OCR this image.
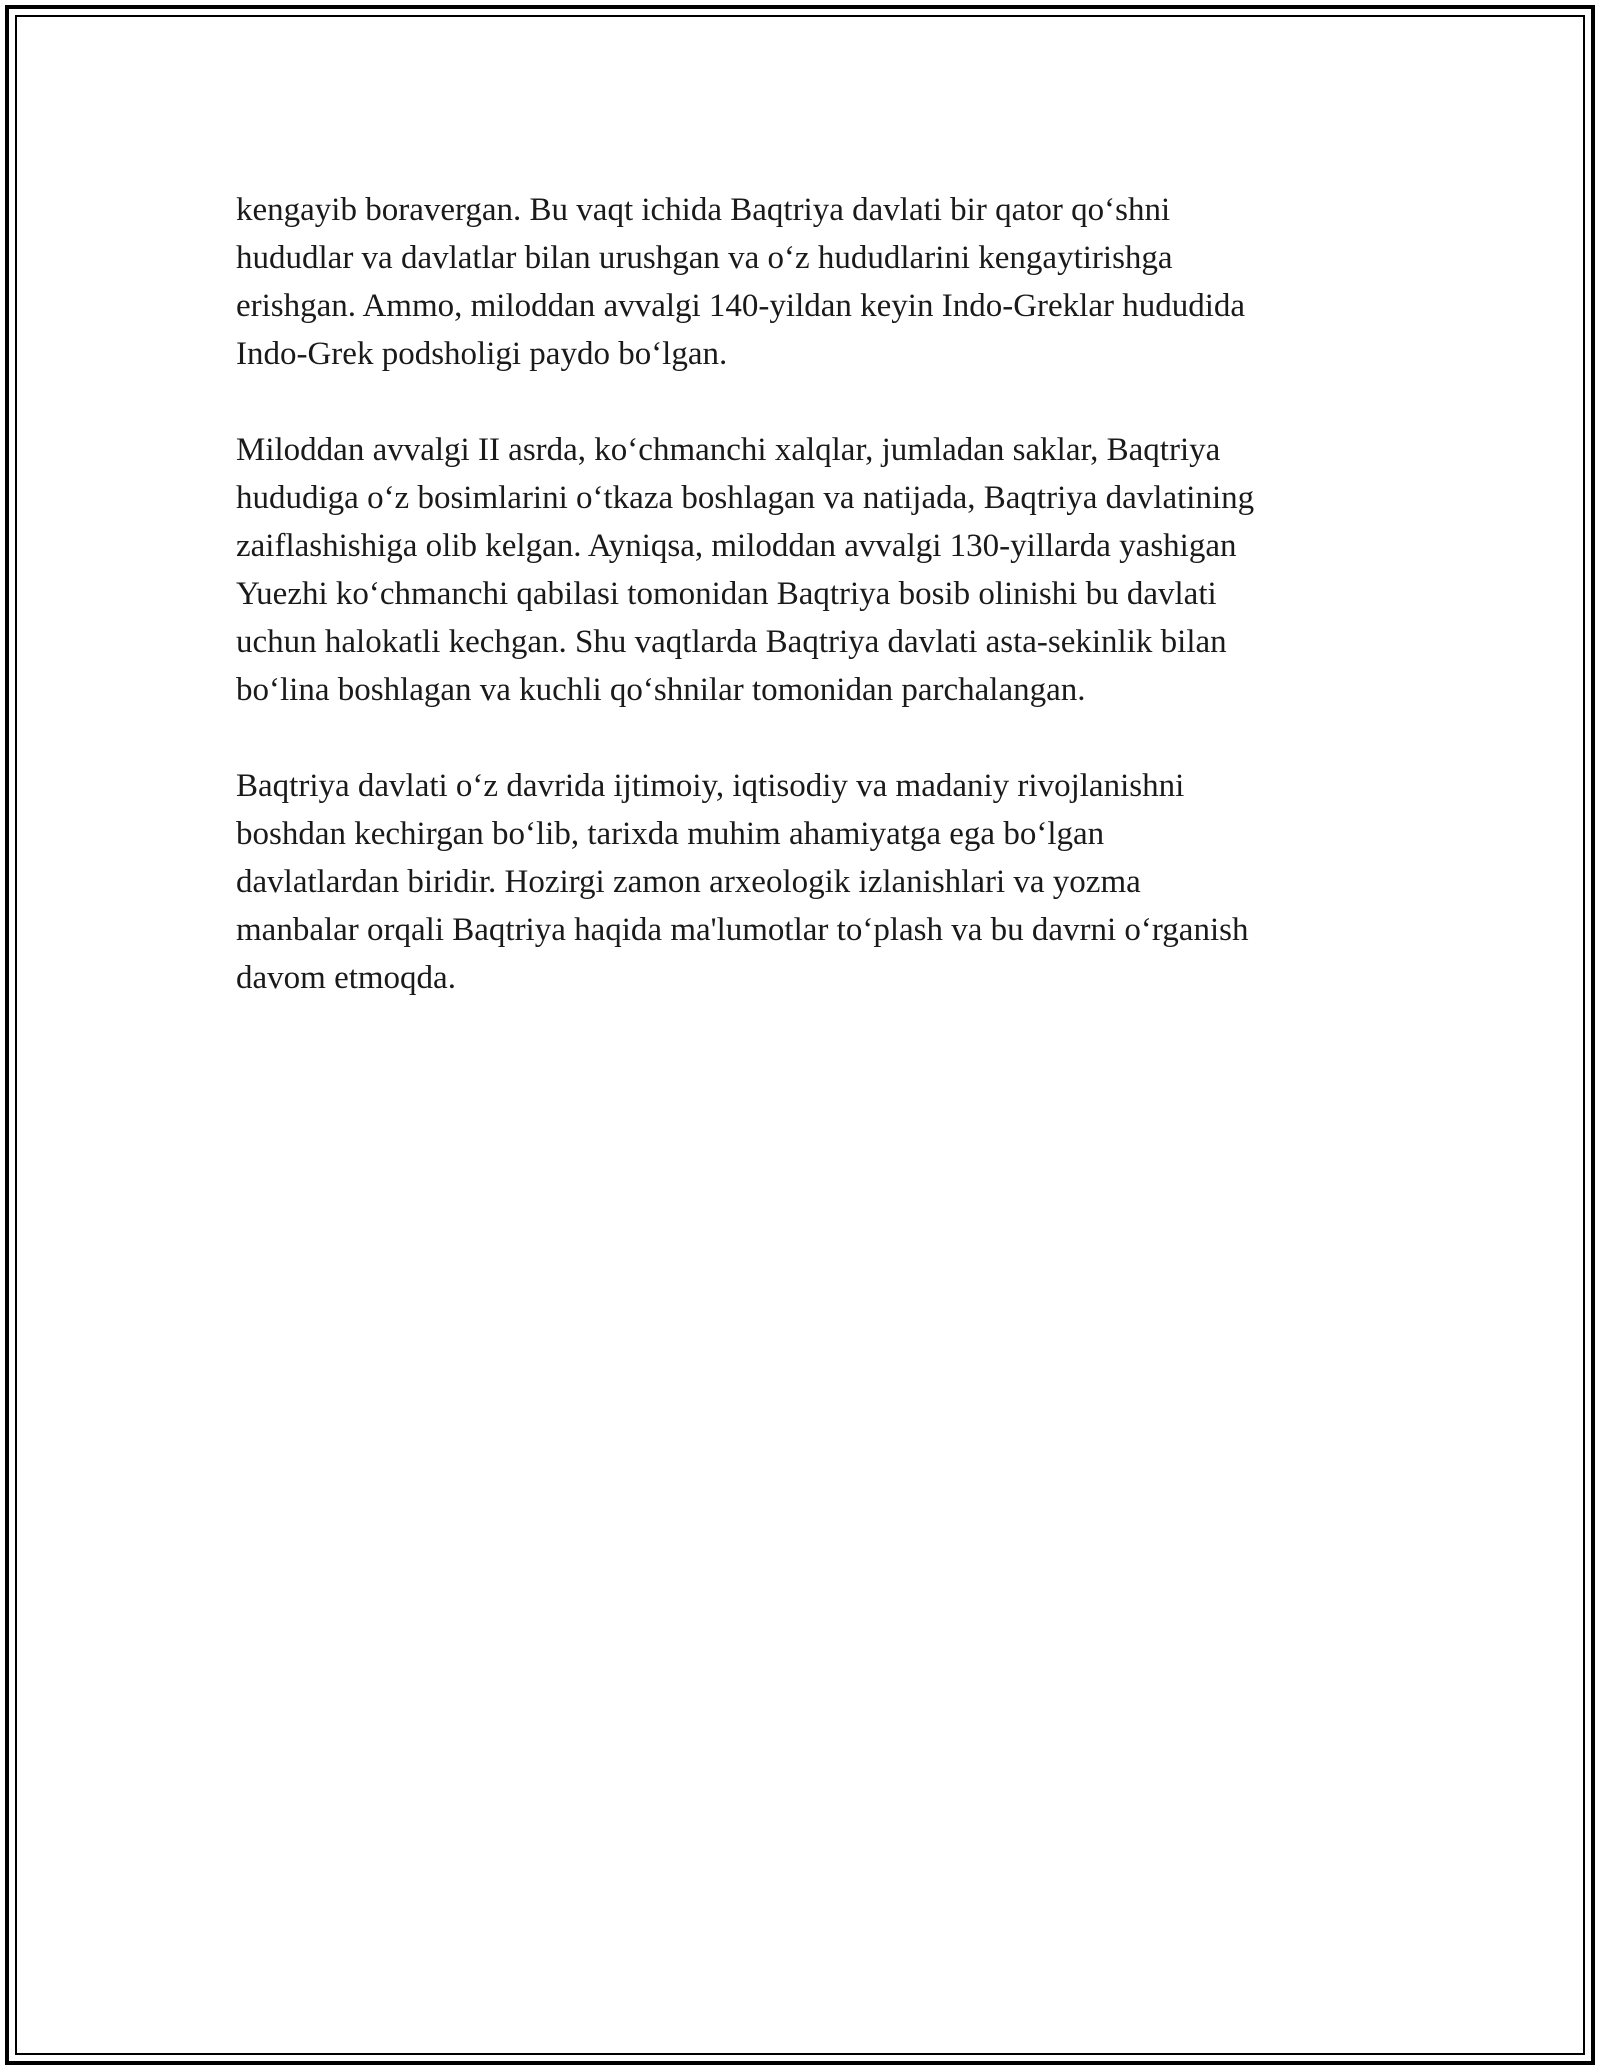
kengayib boravergan. Bu vaqt ichida Baqtriya davlati bir qator qo‘shni
hududlar va davlatlar bilan urushgan va o‘z hududlarini kengaytirishga
erishgan. Ammo, miloddan avvalgi 140-yildan keyin Indo-Greklar hududida
Indo-Grek podsholigi paydo bo‘lgan.

Miloddan avvalgi II asrda, ko‘chmanchi xalqlar, jumladan saklar, Baqtriya
hududiga o‘z bosimlarini o‘tkaza boshlagan va natijada, Baqtriya davlatining
zaiflashishiga olib kelgan. Ayniqsa, miloddan avvalgi 130-yillarda yashigan
Yuezhi ko‘chmanchi qabilasi tomonidan Baqtriya bosib olinishi bu davlati
uchun halokatli kechgan. Shu vaqtlarda Baqtriya davlati asta-sekinlik bilan
bo‘lina boshlagan va kuchli qo‘shnilar tomonidan parchalangan.

Baqtriya davlati o‘z davrida ijtimoiy, iqtisodiy va madaniy rivojlanishni
boshdan kechirgan bo‘lib, tarixda muhim ahamiyatga ega bo‘lgan
davlatlardan biridir. Hozirgi zamon arxeologik izlanishlari va yozma
manbalar orqali Baqtriya haqida ma'lumotlar to‘plash va bu davrni o‘rganish
davom etmoqda.
